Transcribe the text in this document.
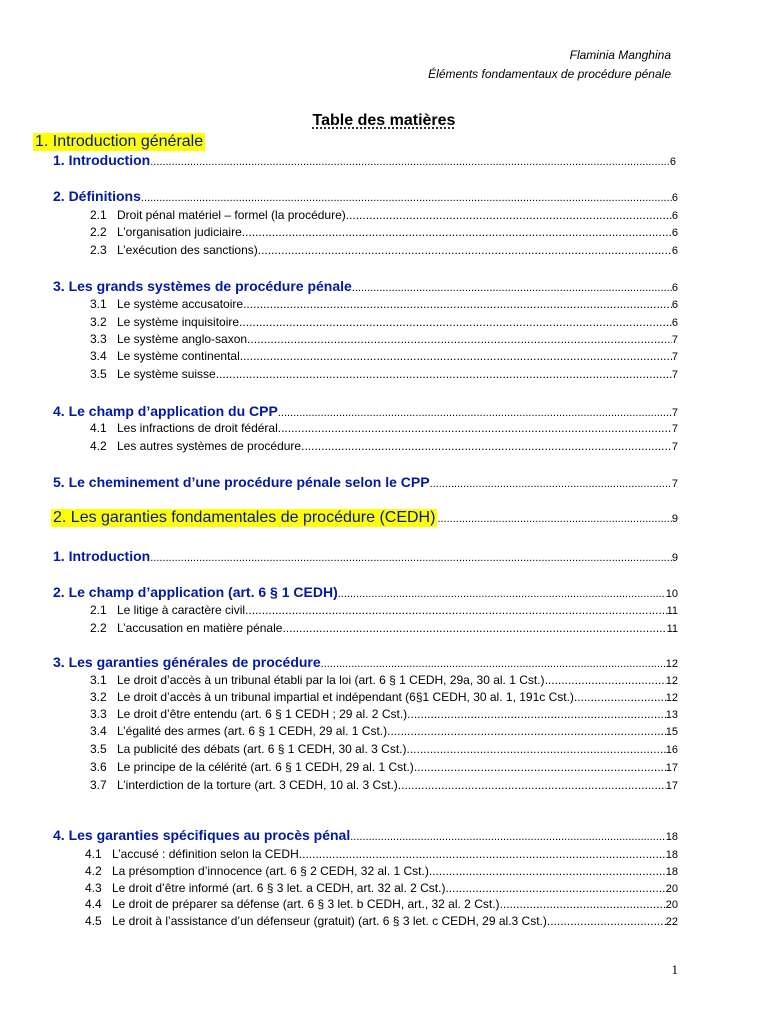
Flaminia Manghina
Éléments fondamentaux de procédure pénale
Table des matières
1. Introduction générale
1. Introduction .....	6
2. Définitions .....	6
2.1 Droit pénal matériel – formel (la procédure) .....	6
2.2 L’organisation judiciaire .....	6
2.3 L’exécution des sanctions) .....	6
3. Les grands systèmes de procédure pénale .....	6
3.1 Le système accusatoire .....	6
3.2 Le système inquisitoire .....	6
3.3 Le système anglo-saxon .....	7
3.4 Le système continental .....	7
3.5 Le système suisse .....	7
4. Le champ d’application du CPP .....	7
4.1 Les infractions de droit fédéral .....	7
4.2 Les autres systèmes de procédure .....	7
5. Le cheminement d’une procédure pénale selon le CPP .....	7
2. Les garanties fondamentales de procédure (CEDH) .....	9
1. Introduction .....	9
2. Le champ d’application (art. 6 § 1 CEDH) .....	10
2.1 Le litige à caractère civil .....	11
2.2 L’accusation en matière pénale .....	11
3. Les garanties générales de procédure .....	12
3.1 Le droit d’accès à un tribunal établi par la loi (art. 6 § 1 CEDH, 29a, 30 al. 1 Cst.) .....	12
3.2 Le droit d’accès à un tribunal impartial et indépendant (6§1 CEDH, 30 al. 1, 191c Cst.) .....	12
3.3 Le droit d’être entendu (art. 6 § 1 CEDH ; 29 al. 2 Cst.) .....	13
3.4 L’égalité des armes (art. 6 § 1 CEDH, 29 al. 1 Cst.) .....	15
3.5 La publicité des débats (art. 6 § 1 CEDH, 30 al. 3 Cst.) .....	16
3.6 Le principe de la célérité (art. 6 § 1 CEDH, 29 al. 1 Cst.) .....	17
3.7 L’interdiction de la torture (art. 3 CEDH, 10 al. 3 Cst.) .....	17
4. Les garanties spécifiques au procès pénal .....	18
4.1 L’accusé : définition selon la CEDH .....	18
4.2 La présomption d’innocence (art. 6 § 2 CEDH, 32 al. 1 Cst.) .....	18
4.3 Le droit d’être informé (art. 6 § 3 let. a CEDH, art. 32 al. 2 Cst.) .....	20
4.4 Le droit de préparer sa défense (art. 6 § 3 let. b CEDH, art., 32 al. 2 Cst.) .....	20
4.5 Le droit à l’assistance d’un défenseur (gratuit) (art. 6 § 3 let. c CEDH, 29 al.3 Cst.) .....	22
1
